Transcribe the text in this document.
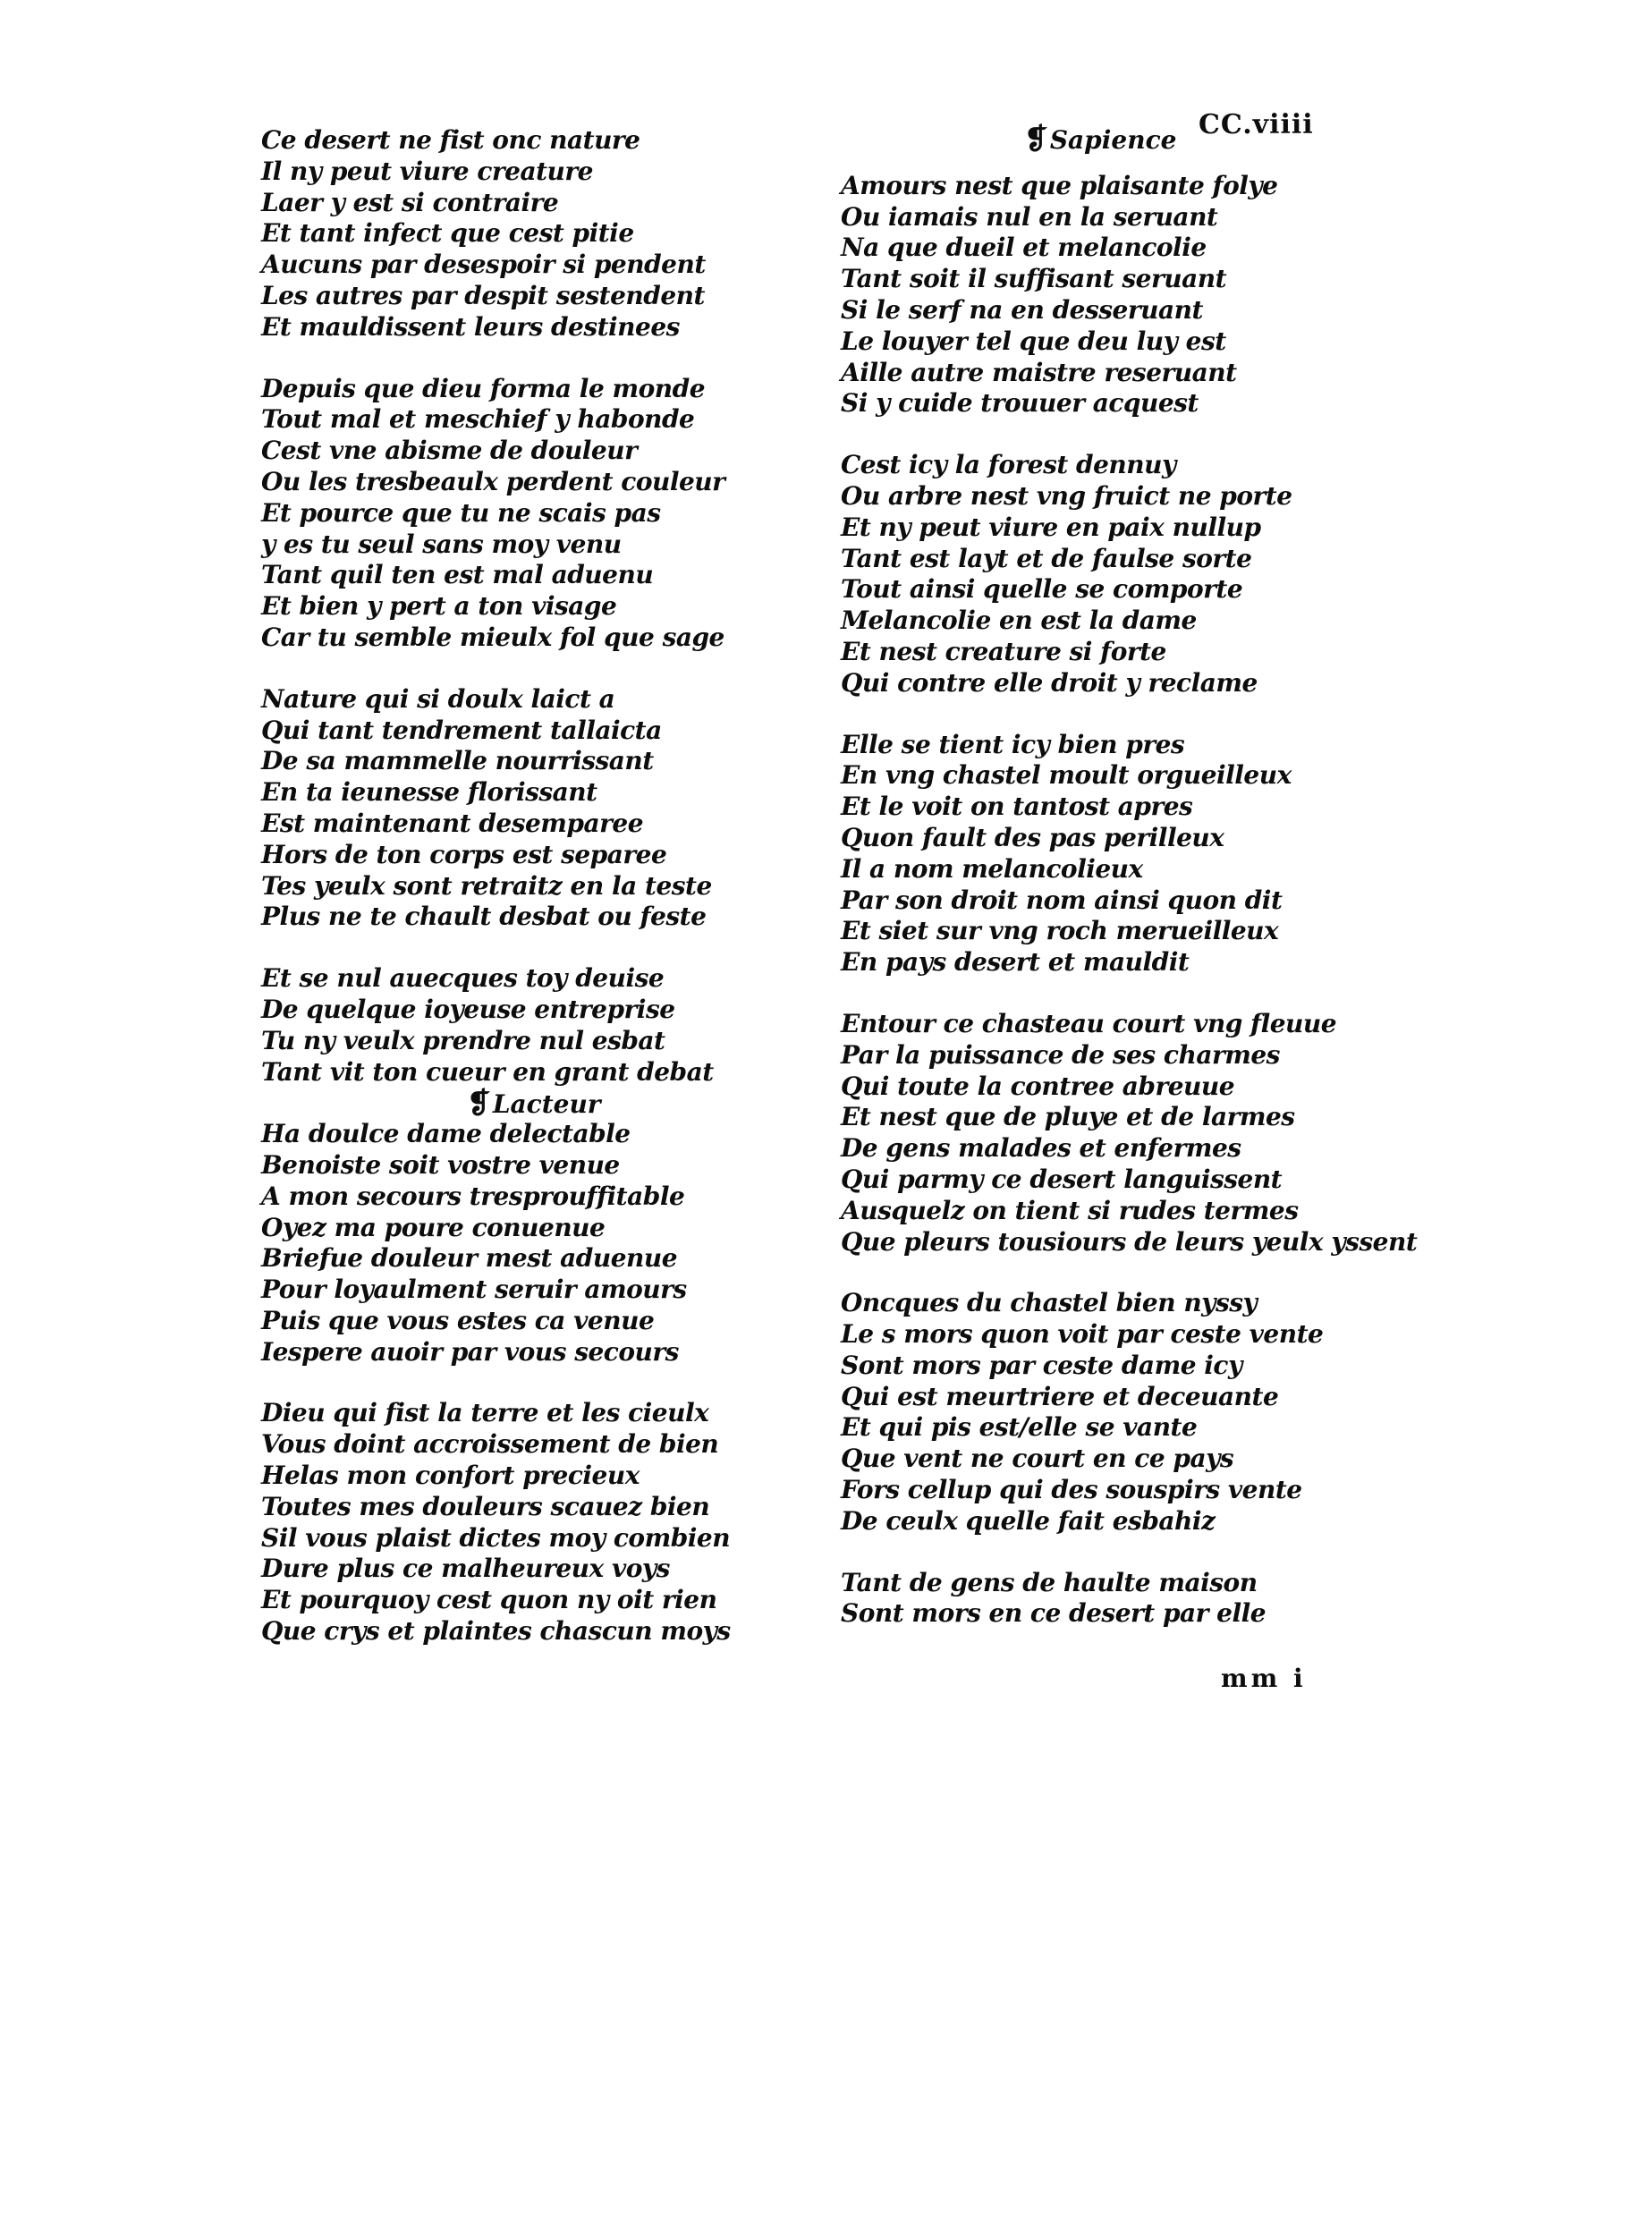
CC.viiii
Ce desert ne fist onc nature
Il ny peut viure creature
Laer y est si contraire
Et tant infect que cest pitie
Aucuns par desespoir si pendent
Les autres par despit sestendent
Et mauldissent leurs destinees
Depuis que dieu forma le monde
Tout mal et meschief y habonde
Cest vne abisme de douleur
Ou les tresbeaulx perdent couleur
Et pource que tu ne scais pas
y es tu seul sans moy venu
Tant quil ten est mal aduenu
Et bien y pert a ton visage
Car tu semble mieulx fol que sage
Nature qui si doulx laict a
Qui tant tendrement tallaicta
De sa mammelle nourrissant
En ta ieunesse florissant
Est maintenant desemparee
Hors de ton corps est separee
Tes yeulx sont retraitz en la teste
Plus ne te chault desbat ou feste
Et se nul auecques toy deuise
De quelque ioyeuse entreprise
Tu ny veulx prendre nul esbat
Tant vit ton cueur en grant debat
❡Lacteur
Ha doulce dame delectable
Benoiste soit vostre venue
A mon secours tresprouffitable
Oyez ma poure conuenue
Briefue douleur mest aduenue
Pour loyaulment seruir amours
Puis que vous estes ca venue
Iespere auoir par vous secours
Dieu qui fist la terre et les cieulx
Vous doint accroissement de bien
Helas mon confort precieux
Toutes mes douleurs scauez bien
Sil vous plaist dictes moy combien
Dure plus ce malheureux voys
Et pourquoy cest quon ny oit rien
Que crys et plaintes chascun moys
❡Sapience
Amours nest que plaisante folye
Ou iamais nul en la seruant
Na que dueil et melancolie
Tant soit il suffisant seruant
Si le serf na en desseruant
Le louyer tel que deu luy est
Aille autre maistre reseruant
Si y cuide trouuer acquest
Cest icy la forest dennuy
Ou arbre nest vng fruict ne porte
Et ny peut viure en paix nullup
Tant est layt et de faulse sorte
Tout ainsi quelle se comporte
Melancolie en est la dame
Et nest creature si forte
Qui contre elle droit y reclame
Elle se tient icy bien pres
En vng chastel moult orgueilleux
Et le voit on tantost apres
Quon fault des pas perilleux
Il a nom melancolieux
Par son droit nom ainsi quon dit
Et siet sur vng roch merueilleux
En pays desert et mauldit
Entour ce chasteau court vng fleuue
Par la puissance de ses charmes
Qui toute la contree abreuue
Et nest que de pluye et de larmes
De gens malades et enfermes
Qui parmy ce desert languissent
Ausquelz on tient si rudes termes
Que pleurs tousiours de leurs yeulx yssent
Oncques du chastel bien nyssy
Le s mors quon voit par ceste vente
Sont mors par ceste dame icy
Qui est meurtriere et deceuante
Et qui pis est/elle se vante
Que vent ne court en ce pays
Fors cellup qui des souspirs vente
De ceulx quelle fait esbahiz
Tant de gens de haulte maison
Sont mors en ce desert par elle
mm i
